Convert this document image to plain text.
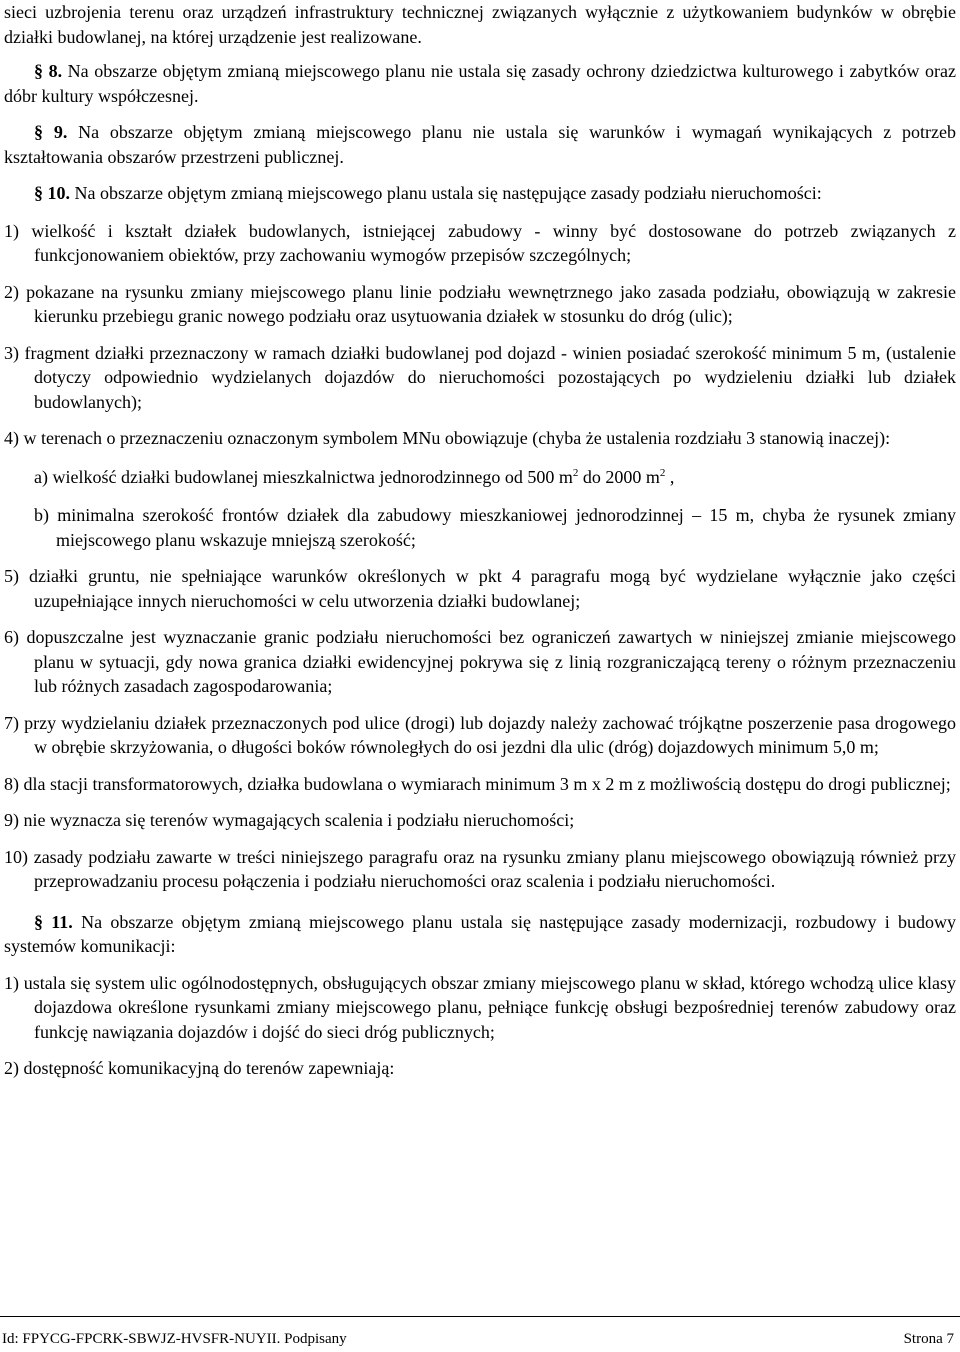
sieci uzbrojenia terenu oraz urządzeń infrastruktury technicznej związanych wyłącznie z użytkowaniem budynków w obrębie działki budowlanej, na której urządzenie jest realizowane.

§ 8. Na obszarze objętym zmianą miejscowego planu nie ustala się zasady ochrony dziedzictwa kulturowego i zabytków oraz dóbr kultury współczesnej.

§ 9. Na obszarze objętym zmianą miejscowego planu nie ustala się warunków i wymagań wynikających z potrzeb kształtowania obszarów przestrzeni publicznej.

§ 10. Na obszarze objętym zmianą miejscowego planu ustala się następujące zasady podziału nieruchomości:

1) wielkość i kształt działek budowlanych, istniejącej zabudowy - winny być dostosowane do potrzeb związanych z funkcjonowaniem obiektów, przy zachowaniu wymogów przepisów szczególnych;

2) pokazane na rysunku zmiany miejscowego planu linie podziału wewnętrznego jako zasada podziału, obowiązują w zakresie kierunku przebiegu granic nowego podziału oraz usytuowania działek w stosunku do dróg (ulic);

3) fragment działki przeznaczony w ramach działki budowlanej pod dojazd - winien posiadać szerokość minimum 5 m, (ustalenie dotyczy odpowiednio wydzielanych dojazdów do nieruchomości pozostających po wydzieleniu działki lub działek budowlanych);

4) w terenach o przeznaczeniu oznaczonym symbolem MNu obowiązuje (chyba że ustalenia rozdziału 3 stanowią inaczej):

a) wielkość działki budowlanej mieszkalnictwa jednorodzinnego od 500 $m^2$ do 2000 $m^2$ ,

b) minimalna szerokość frontów działek dla zabudowy mieszkaniowej jednorodzinnej – 15 m, chyba że rysunek zmiany miejscowego planu wskazuje mniejszą szerokość;

5) działki gruntu, nie spełniające warunków określonych w pkt 4 paragrafu mogą być wydzielane wyłącznie jako części uzupełniające innych nieruchomości w celu utworzenia działki budowlanej;

6) dopuszczalne jest wyznaczanie granic podziału nieruchomości bez ograniczeń zawartych w niniejszej zmianie miejscowego planu w sytuacji, gdy nowa granica działki ewidencyjnej pokrywa się z linią rozgraniczającą tereny o różnym przeznaczeniu lub różnych zasadach zagospodarowania;

7) przy wydzielaniu działek przeznaczonych pod ulice (drogi) lub dojazdy należy zachować trójkątne poszerzenie pasa drogowego w obrębie skrzyżowania, o długości boków równoległych do osi jezdni dla ulic (dróg) dojazdowych minimum 5,0 m;

8) dla stacji transformatorowych, działka budowlana o wymiarach minimum 3 m x 2 m z możliwością dostępu do drogi publicznej;

9) nie wyznacza się terenów wymagających scalenia i podziału nieruchomości;

10) zasady podziału zawarte w treści niniejszego paragrafu oraz na rysunku zmiany planu miejscowego obowiązują również przy przeprowadzaniu procesu połączenia i podziału nieruchomości oraz scalenia i podziału nieruchomości.

§ 11. Na obszarze objętym zmianą miejscowego planu ustala się następujące zasady modernizacji, rozbudowy i budowy systemów komunikacji:

1) ustala się system ulic ogólnodostępnych, obsługujących obszar zmiany miejscowego planu w skład, którego wchodzą ulice klasy dojazdowa określone rysunkami zmiany miejscowego planu, pełniące funkcję obsługi bezpośredniej terenów zabudowy oraz funkcję nawiązania dojazdów i dojść do sieci dróg publicznych;

2) dostępność komunikacyjną do terenów zapewniają:

Id: FPYCG-FPCRK-SBWJZ-HVSFR-NUYII. Podpisany	Strona 7
